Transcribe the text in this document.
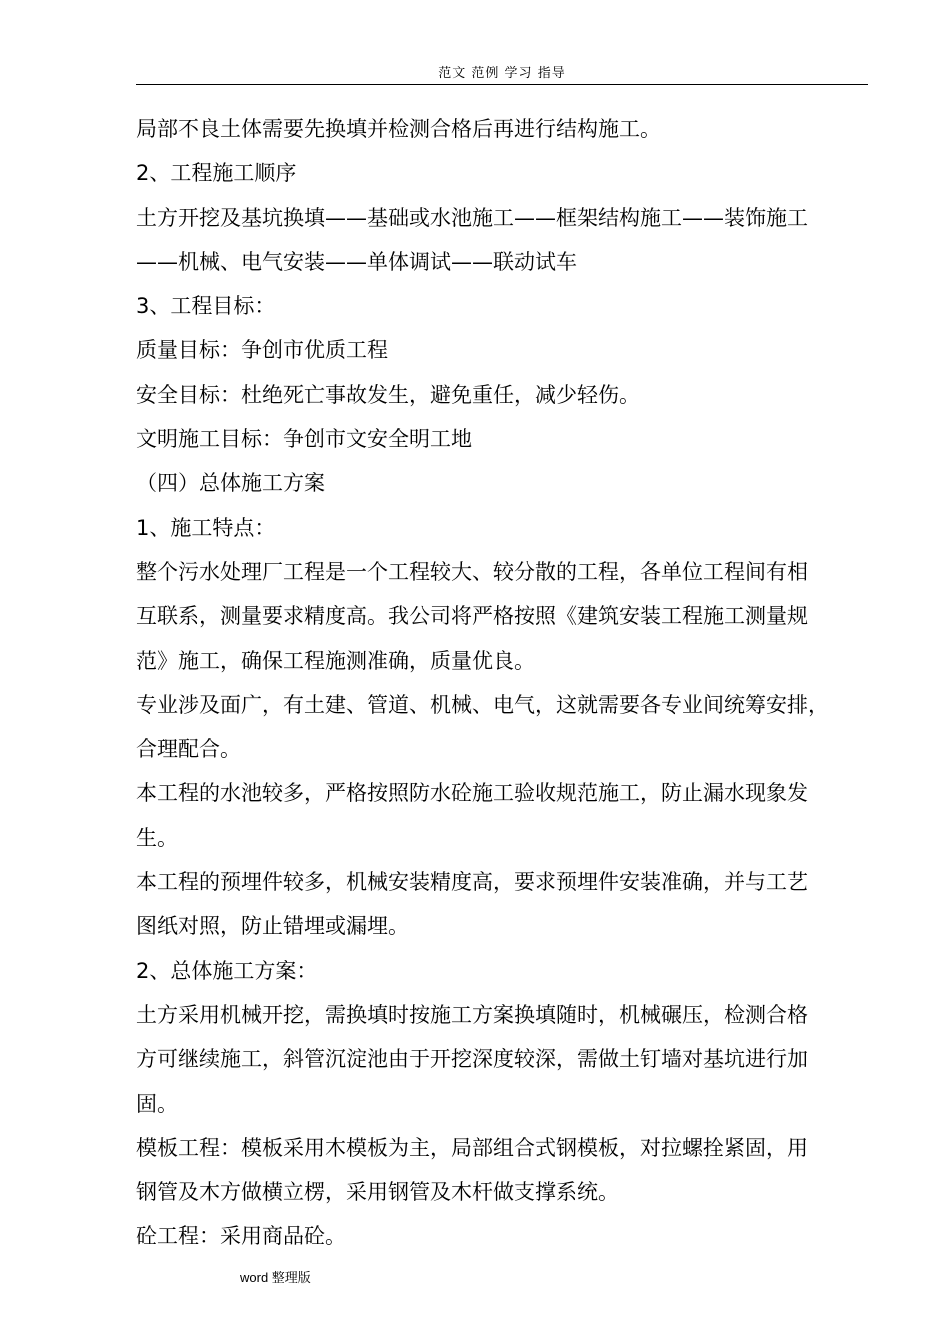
范文 范例 学习 指导
局部不良土体需要先换填并检测合格后再进行结构施工。
2、工程施工顺序
土方开挖及基坑换填——基础或水池施工——框架结构施工——装饰施工
——机械、电气安装——单体调试——联动试车
3、工程目标：
质量目标：争创市优质工程
安全目标：杜绝死亡事故发生，避免重任，减少轻伤。
文明施工目标：争创市文安全明工地
（四）总体施工方案
1、施工特点：
整个污水处理厂工程是一个工程较大、较分散的工程，各单位工程间有相
互联系，测量要求精度高。我公司将严格按照《建筑安装工程施工测量规
范》施工，确保工程施测准确，质量优良。
专业涉及面广，有土建、管道、机械、电气，这就需要各专业间统筹安排，
合理配合。
本工程的水池较多，严格按照防水砼施工验收规范施工，防止漏水现象发
生。
本工程的预埋件较多，机械安装精度高，要求预埋件安装准确，并与工艺
图纸对照，防止错埋或漏埋。
2、总体施工方案：
土方采用机械开挖，需换填时按施工方案换填随时，机械碾压，检测合格
方可继续施工，斜管沉淀池由于开挖深度较深，需做土钉墙对基坑进行加
固。
模板工程：模板采用木模板为主，局部组合式钢模板，对拉螺拴紧固，用
钢管及木方做横立楞，采用钢管及木杆做支撑系统。
砼工程：采用商品砼。
word 整理版
